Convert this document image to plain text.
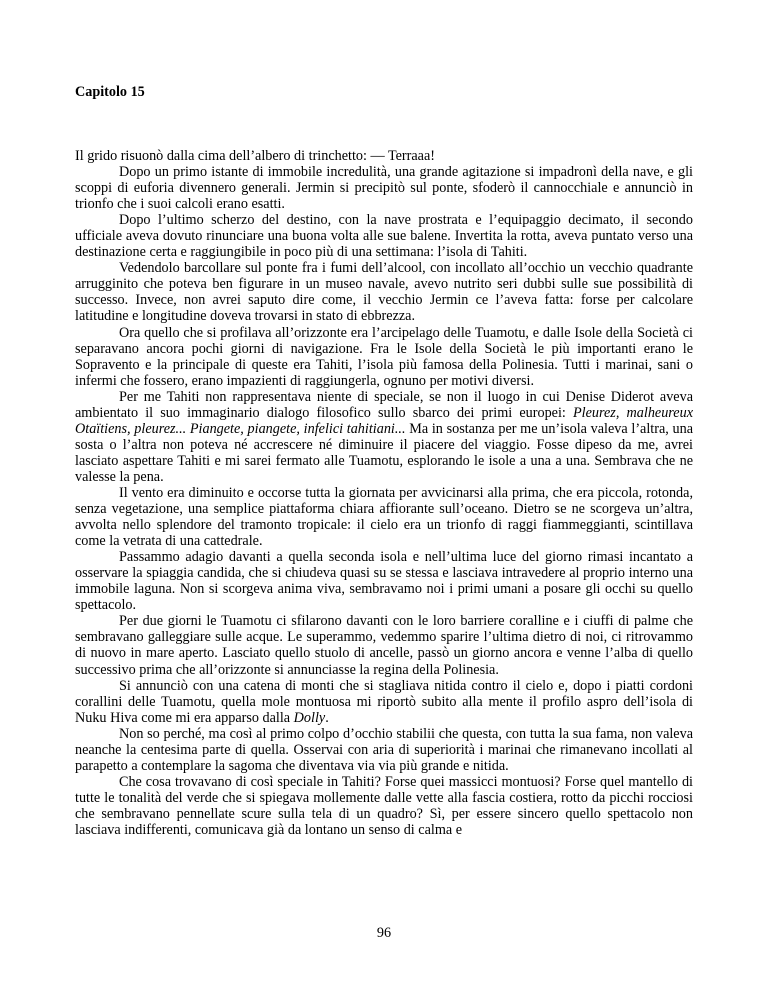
Capitolo 15

Il grido risuonò dalla cima dell’albero di trinchetto: — Terraaa!

Dopo un primo istante di immobile incredulità, una grande agitazione si impadronì della nave, e gli scoppi di euforia divennero generali. Jermin si precipitò sul ponte, sfoderò il cannocchiale e annunciò in trionfo che i suoi calcoli erano esatti.

Dopo l’ultimo scherzo del destino, con la nave prostrata e l’equipaggio decimato, il secondo ufficiale aveva dovuto rinunciare una buona volta alle sue balene. Invertita la rotta, aveva puntato verso una destinazione certa e raggiungibile in poco più di una settimana: l’isola di Tahiti.

Vedendolo barcollare sul ponte fra i fumi dell’alcool, con incollato all’occhio un vecchio quadrante arrugginito che poteva ben figurare in un museo navale, avevo nutrito seri dubbi sulle sue possibilità di successo. Invece, non avrei saputo dire come, il vecchio Jermin ce l’aveva fatta: forse per calcolare latitudine e longitudine doveva trovarsi in stato di ebbrezza.

Ora quello che si profilava all’orizzonte era l’arcipelago delle Tuamotu, e dalle Isole della Società ci separavano ancora pochi giorni di navigazione. Fra le Isole della Società le più importanti erano le Sopravento e la principale di queste era Tahiti, l’isola più famosa della Polinesia. Tutti i marinai, sani o infermi che fossero, erano impazienti di raggiungerla, ognuno per motivi diversi.

Per me Tahiti non rappresentava niente di speciale, se non il luogo in cui Denise Diderot aveva ambientato il suo immaginario dialogo filosofico sullo sbarco dei primi europei: Pleurez, malheureux Otaïtiens, pleurez... Piangete, piangete, infelici tahitiani... Ma in sostanza per me un’isola valeva l’altra, una sosta o l’altra non poteva né accrescere né diminuire il piacere del viaggio. Fosse dipeso da me, avrei lasciato aspettare Tahiti e mi sarei fermato alle Tuamotu, esplorando le isole a una a una. Sembrava che ne valesse la pena.

Il vento era diminuito e occorse tutta la giornata per avvicinarsi alla prima, che era piccola, rotonda, senza vegetazione, una semplice piattaforma chiara affiorante sull’oceano. Dietro se ne scorgeva un’altra, avvolta nello splendore del tramonto tropicale: il cielo era un trionfo di raggi fiammeggianti, scintillava come la vetrata di una cattedrale.

Passammo adagio davanti a quella seconda isola e nell’ultima luce del giorno rimasi incantato a osservare la spiaggia candida, che si chiudeva quasi su se stessa e lasciava intravedere al proprio interno una immobile laguna. Non si scorgeva anima viva, sembravamo noi i primi umani a posare gli occhi su quello spettacolo.

Per due giorni le Tuamotu ci sfilarono davanti con le loro barriere coralline e i ciuffi di palme che sembravano galleggiare sulle acque. Le superammo, vedemmo sparire l’ultima dietro di noi, ci ritrovammo di nuovo in mare aperto. Lasciato quello stuolo di ancelle, passò un giorno ancora e venne l’alba di quello successivo prima che all’orizzonte si annunciasse la regina della Polinesia.

Si annunciò con una catena di monti che si stagliava nitida contro il cielo e, dopo i piatti cordoni corallini delle Tuamotu, quella mole montuosa mi riportò subito alla mente il profilo aspro dell’isola di Nuku Hiva come mi era apparso dalla Dolly.

Non so perché, ma così al primo colpo d’occhio stabilii che questa, con tutta la sua fama, non valeva neanche la centesima parte di quella. Osservai con aria di superiorità i marinai che rimanevano incollati al parapetto a contemplare la sagoma che diventava via via più grande e nitida.

Che cosa trovavano di così speciale in Tahiti? Forse quei massicci montuosi? Forse quel mantello di tutte le tonalità del verde che si spiegava mollemente dalle vette alla fascia costiera, rotto da picchi rocciosi che sembravano pennellate scure sulla tela di un quadro? Sì, per essere sincero quello spettacolo non lasciava indifferenti, comunicava già da lontano un senso di calma e

96
